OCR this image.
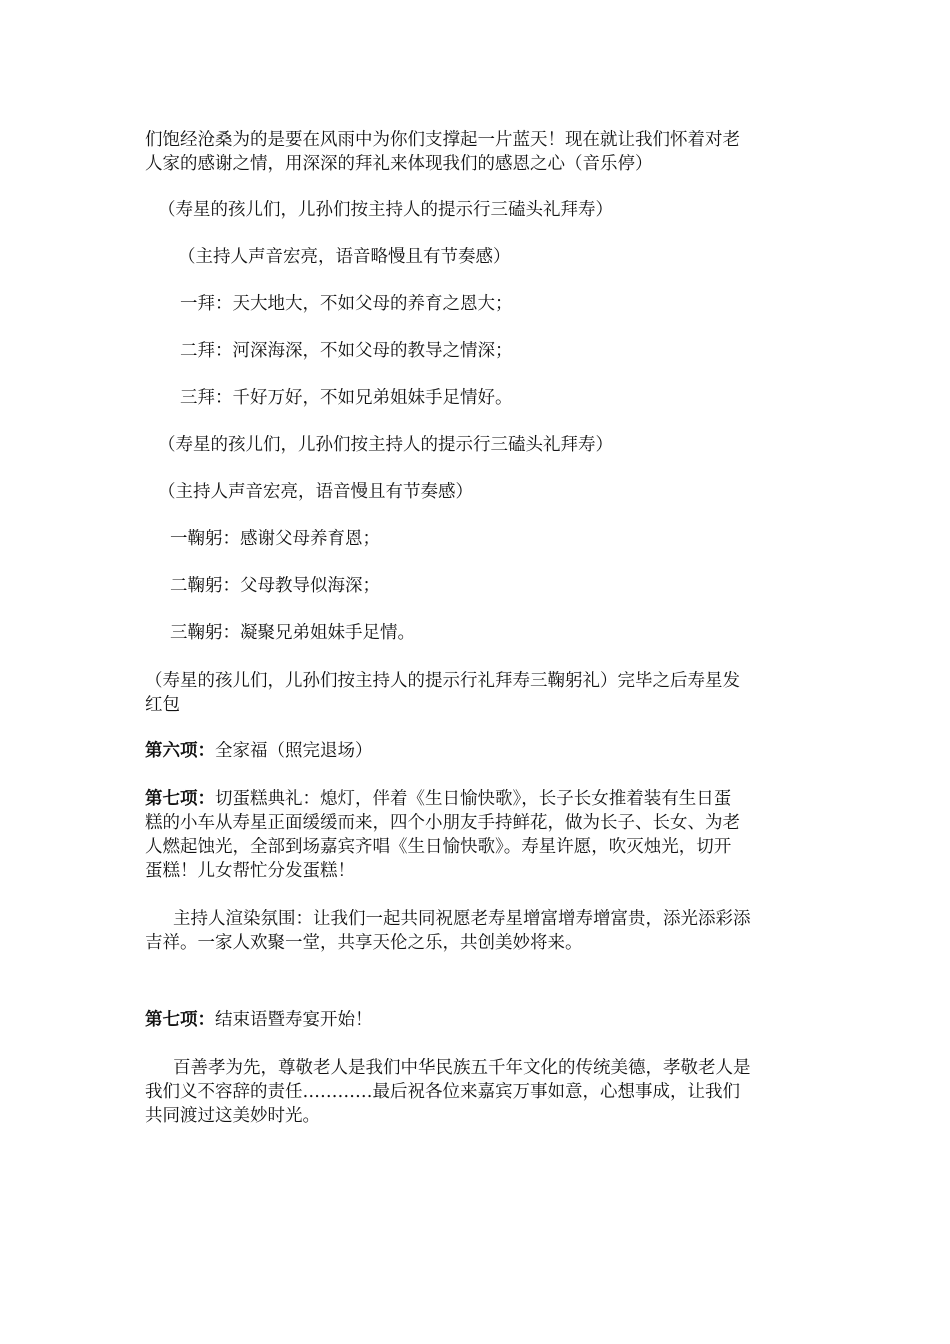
们饱经沧桑为的是要在风雨中为你们支撑起一片蓝天！现在就让我们怀着对老
人家的感谢之情，用深深的拜礼来体现我们的感恩之心（音乐停）
（寿星的孩儿们，儿孙们按主持人的提示行三磕头礼拜寿）
（主持人声音宏亮，语音略慢且有节奏感）
一拜：天大地大，不如父母的养育之恩大；
二拜：河深海深，不如父母的教导之情深；
三拜：千好万好，不如兄弟姐妹手足情好。
（寿星的孩儿们，儿孙们按主持人的提示行三磕头礼拜寿）
（主持人声音宏亮，语音慢且有节奏感）
一鞠躬：感谢父母养育恩；
二鞠躬：父母教导似海深；
三鞠躬：凝聚兄弟姐妹手足情。
（寿星的孩儿们，儿孙们按主持人的提示行礼拜寿三鞠躬礼）完毕之后寿星发
红包
第六项：全家福（照完退场）
第七项：切蛋糕典礼：熄灯，伴着《生日愉快歌》，长子长女推着装有生日蛋
糕的小车从寿星正面缓缓而来，四个小朋友手持鲜花，做为长子、长女、为老
人燃起蚀光，全部到场嘉宾齐唱《生日愉快歌》。寿星许愿，吹灭烛光，切开
蛋糕！儿女帮忙分发蛋糕！
主持人渲染氛围：让我们一起共同祝愿老寿星增富增寿增富贵，添光添彩添
吉祥。一家人欢聚一堂，共享天伦之乐，共创美妙将来。
第七项：结束语暨寿宴开始！
百善孝为先，尊敬老人是我们中华民族五千年文化的传统美德，孝敬老人是
我们义不容辞的责任…………最后祝各位来嘉宾万事如意，心想事成，让我们
共同渡过这美妙时光。
